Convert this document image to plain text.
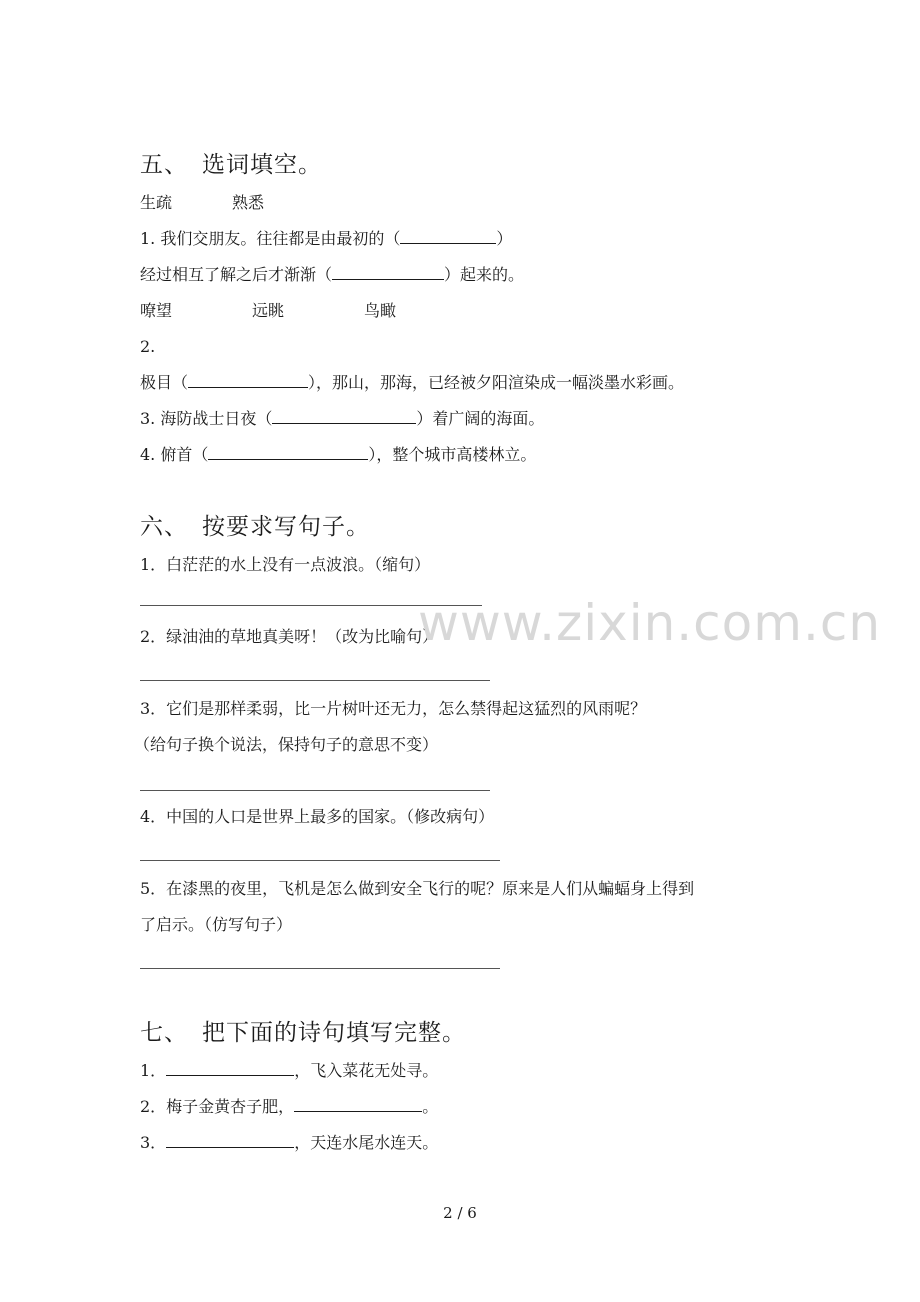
五、 选词填空。
生疏	熟悉
1. 我们交朋友。往往都是由最初的（	）
经过相互了解之后才渐渐（	）起来的。
嘹望	远眺	鸟瞰
2.
极目（	），那山，那海，已经被夕阳渲染成一幅淡墨水彩画。
3. 海防战士日夜（	）着广阔的海面。
4. 俯首（	），整个城市高楼林立。
六、 按要求写句子。
1．白茫茫的水上没有一点波浪。（缩句）
2．绿油油的草地真美呀！（改为比喻句）
3．它们是那样柔弱，比一片树叶还无力，怎么禁得起这猛烈的风雨呢？
（给句子换个说法，保持句子的意思不变）
4．中国的人口是世界上最多的国家。（修改病句）
5．在漆黑的夜里，飞机是怎么做到安全飞行的呢？原来是人们从蝙蝠身上得到
了启示。（仿写句子）
七、 把下面的诗句填写完整。
1．	，飞入菜花无处寻。
2．梅子金黄杏子肥，	。
3．	，天连水尾水连天。
www.zixin.com.cn
2 / 6
